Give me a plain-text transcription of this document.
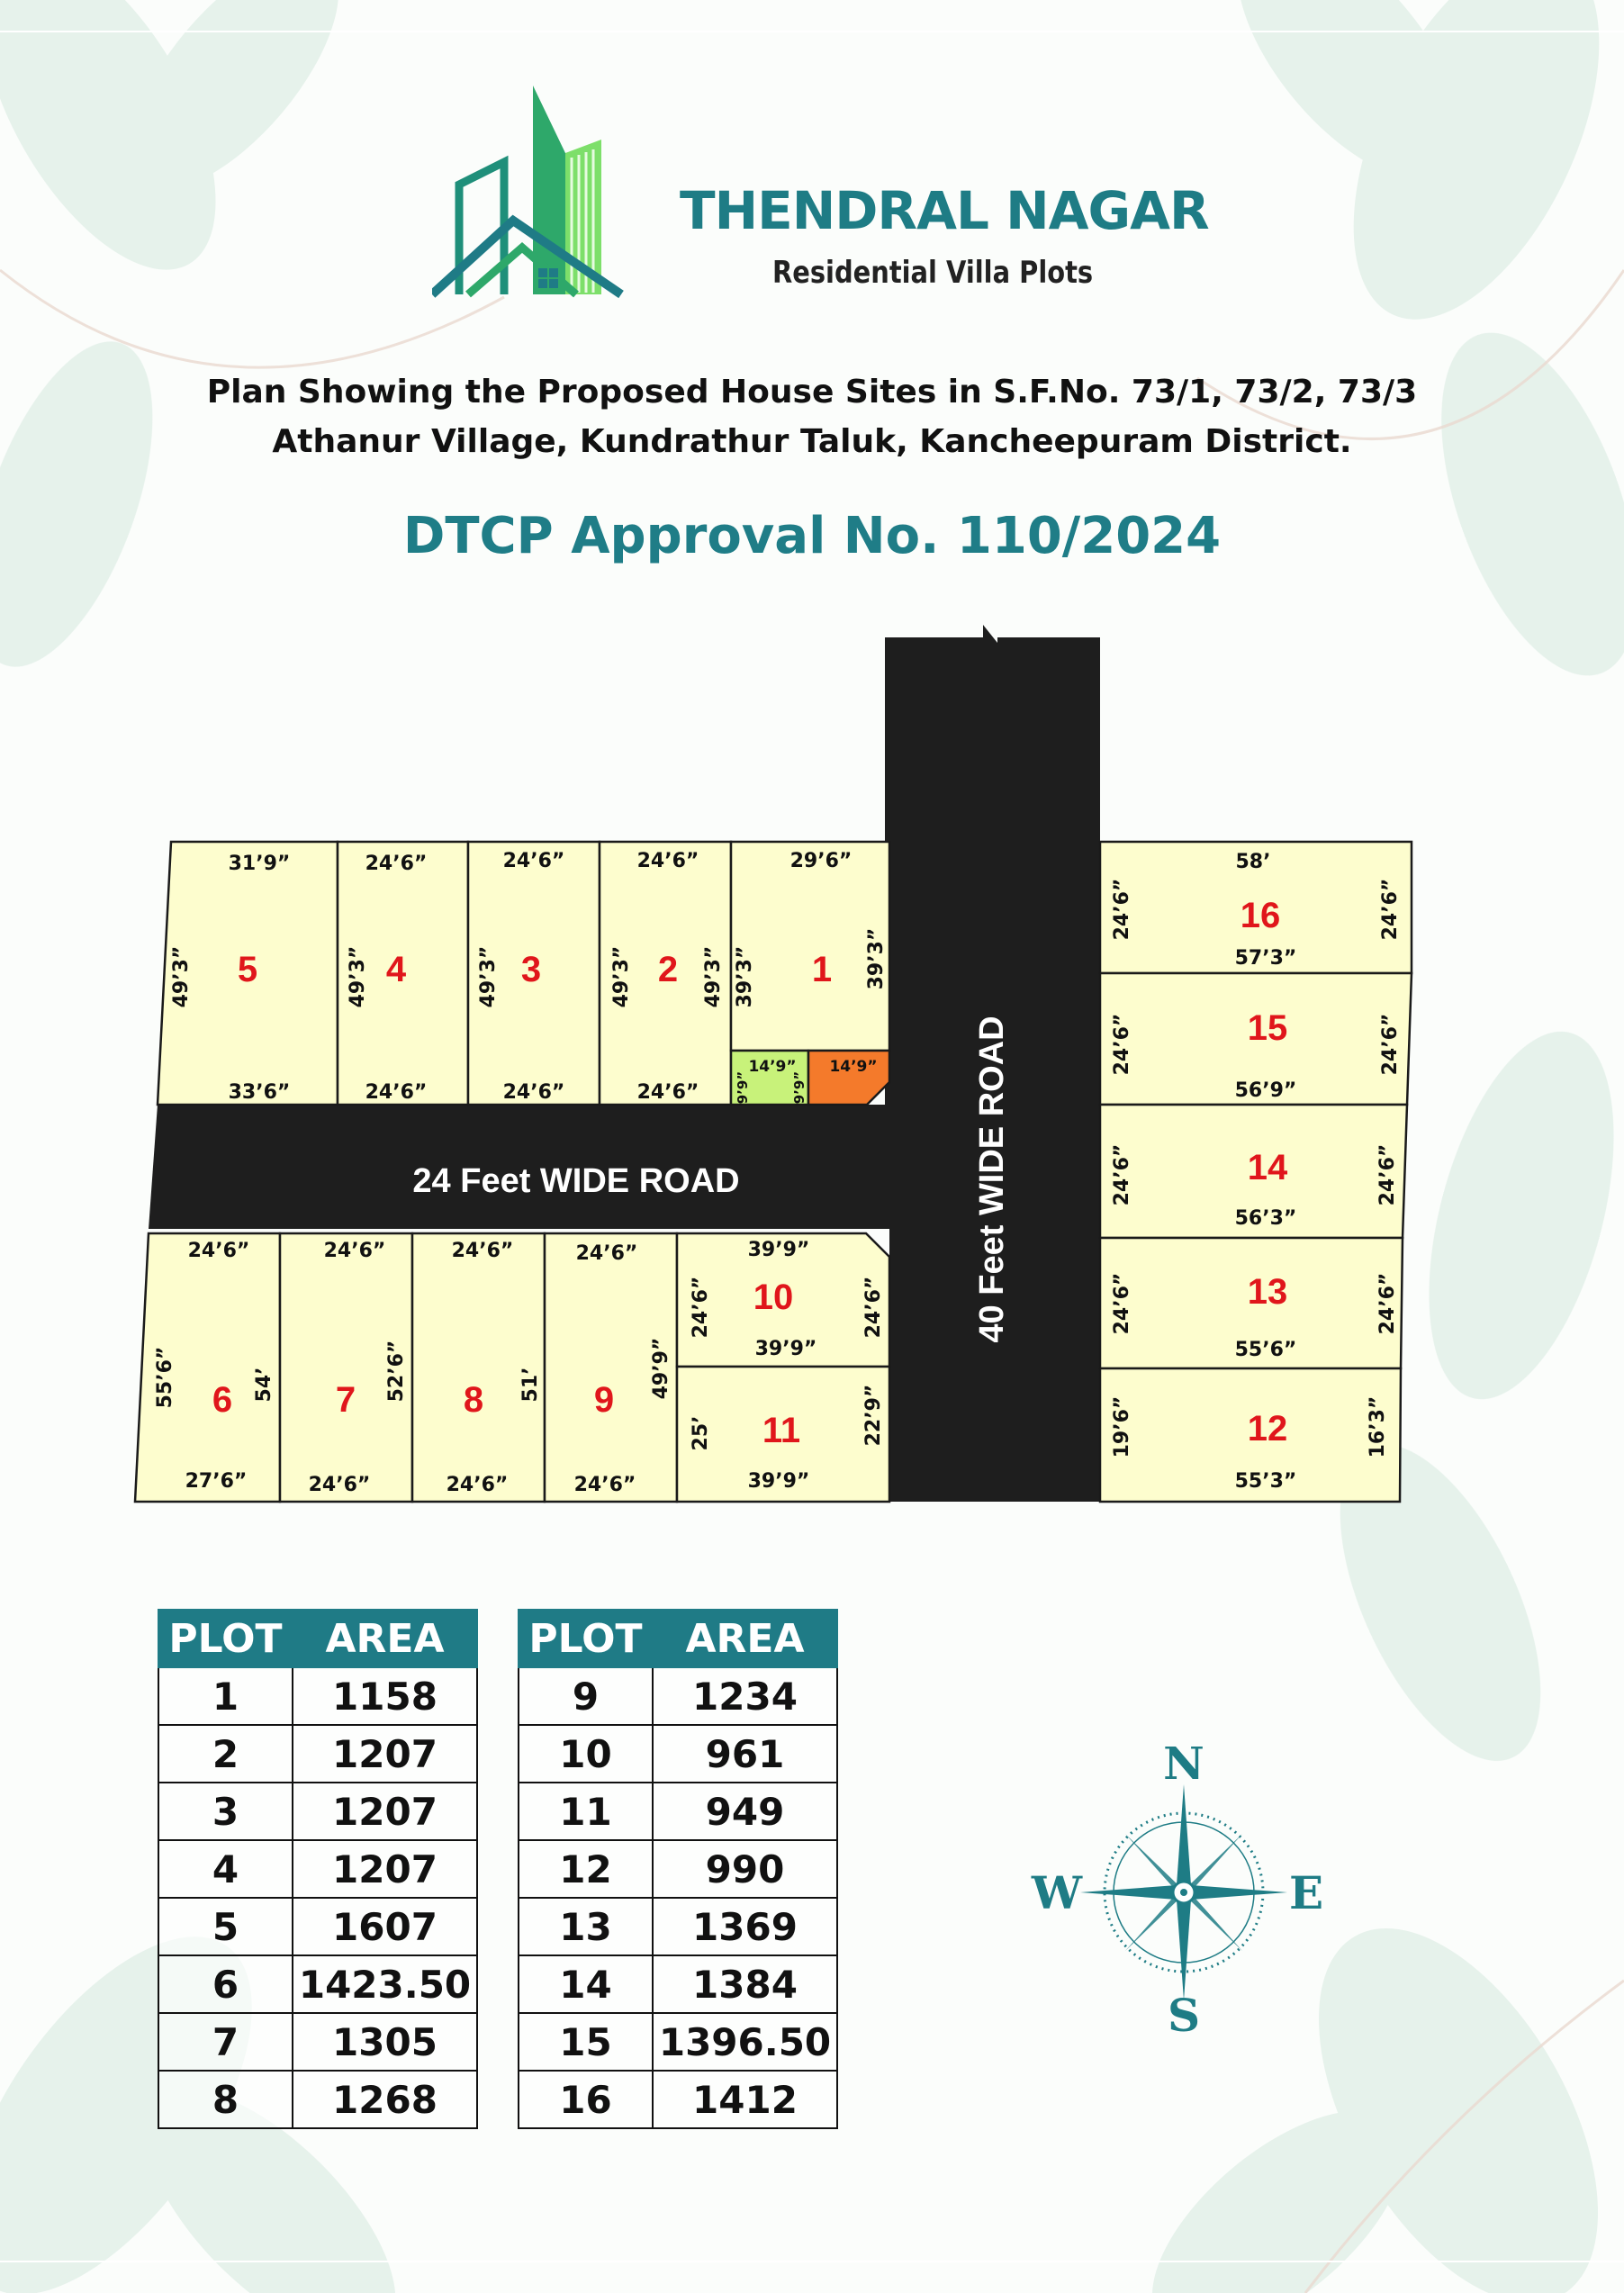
THENDRAL NAGAR
Residential Villa Plots
Plan Showing the Proposed House Sites in S.F.No. 73/1, 73/2, 73/3
Athanur Village, Kundrathur Taluk, Kancheepuram District.
DTCP Approval No. 110/2024
24 Feet WIDE ROAD	40 Feet WIDE ROAD
5	4	3	2	1
6	7	8	9
10
11	12
13
14
15
16
31’9”
33’6”
49’3”
24’6”
24’6”
49’3”
24’6”
24’6”
49’3”
24’6”
24’6”
49’3”	49’3”
29’6”
39’3”	39’3”
14’9”
9’9”	9’9”
14’9”
24’6”
27’6”
55’6”	54’
24’6”
24’6”
52’6”
24’6”
24’6”
51’
24’6”
24’6”
49’9”
39’9”
39’9”
24’6”	24’6”
39’9”
25’	22’9”
58’
57’3”
24’6”	24’6”
56’9”
24’6”	24’6”
56’3”
24’6”	24’6”
55’6”
24’6”	24’6”
55’3”
19’6”	16’3”
PLOT	AREA
1	1158
2	1207
3	1207
4	1207
5	1607
6	1423.50
7	1305
8	1268
PLOT	AREA
9	1234
10	961
11	949
12	990
13	1369
14	1384
15	1396.50
16	1412
N
S
W	E
